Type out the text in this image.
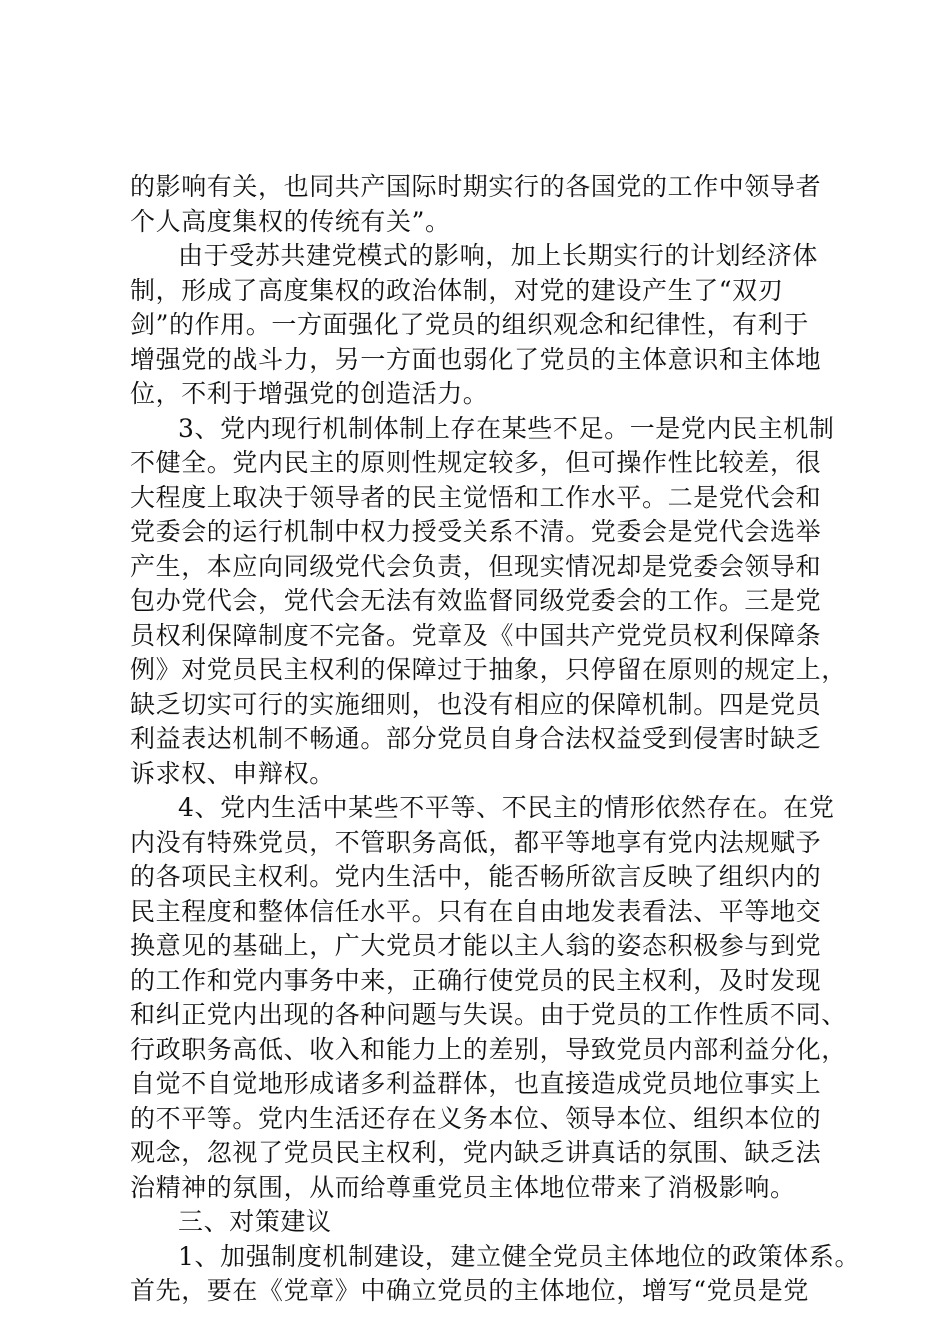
的影响有关，也同共产国际时期实行的各国党的工作中领导者
个人高度集权的传统有关”。
由于受苏共建党模式的影响，加上长期实行的计划经济体
制，形成了高度集权的政治体制，对党的建设产生了“双刃
剑”的作用。一方面强化了党员的组织观念和纪律性，有利于
增强党的战斗力，另一方面也弱化了党员的主体意识和主体地
位，不利于增强党的创造活力。
3、党内现行机制体制上存在某些不足。一是党内民主机制
不健全。党内民主的原则性规定较多，但可操作性比较差，很
大程度上取决于领导者的民主觉悟和工作水平。二是党代会和
党委会的运行机制中权力授受关系不清。党委会是党代会选举
产生，本应向同级党代会负责，但现实情况却是党委会领导和
包办党代会，党代会无法有效监督同级党委会的工作。三是党
员权利保障制度不完备。党章及《中国共产党党员权利保障条
例》对党员民主权利的保障过于抽象，只停留在原则的规定上，
缺乏切实可行的实施细则，也没有相应的保障机制。四是党员
利益表达机制不畅通。部分党员自身合法权益受到侵害时缺乏
诉求权、申辩权。
4、党内生活中某些不平等、不民主的情形依然存在。在党
内没有特殊党员，不管职务高低，都平等地享有党内法规赋予
的各项民主权利。党内生活中，能否畅所欲言反映了组织内的
民主程度和整体信任水平。只有在自由地发表看法、平等地交
换意见的基础上，广大党员才能以主人翁的姿态积极参与到党
的工作和党内事务中来，正确行使党员的民主权利，及时发现
和纠正党内出现的各种问题与失误。由于党员的工作性质不同、
行政职务高低、收入和能力上的差别，导致党员内部利益分化，
自觉不自觉地形成诸多利益群体，也直接造成党员地位事实上
的不平等。党内生活还存在义务本位、领导本位、组织本位的
观念，忽视了党员民主权利，党内缺乏讲真话的氛围、缺乏法
治精神的氛围，从而给尊重党员主体地位带来了消极影响。
三、对策建议
1、加强制度机制建设，建立健全党员主体地位的政策体系。
首先，要在《党章》中确立党员的主体地位，增写“党员是党
